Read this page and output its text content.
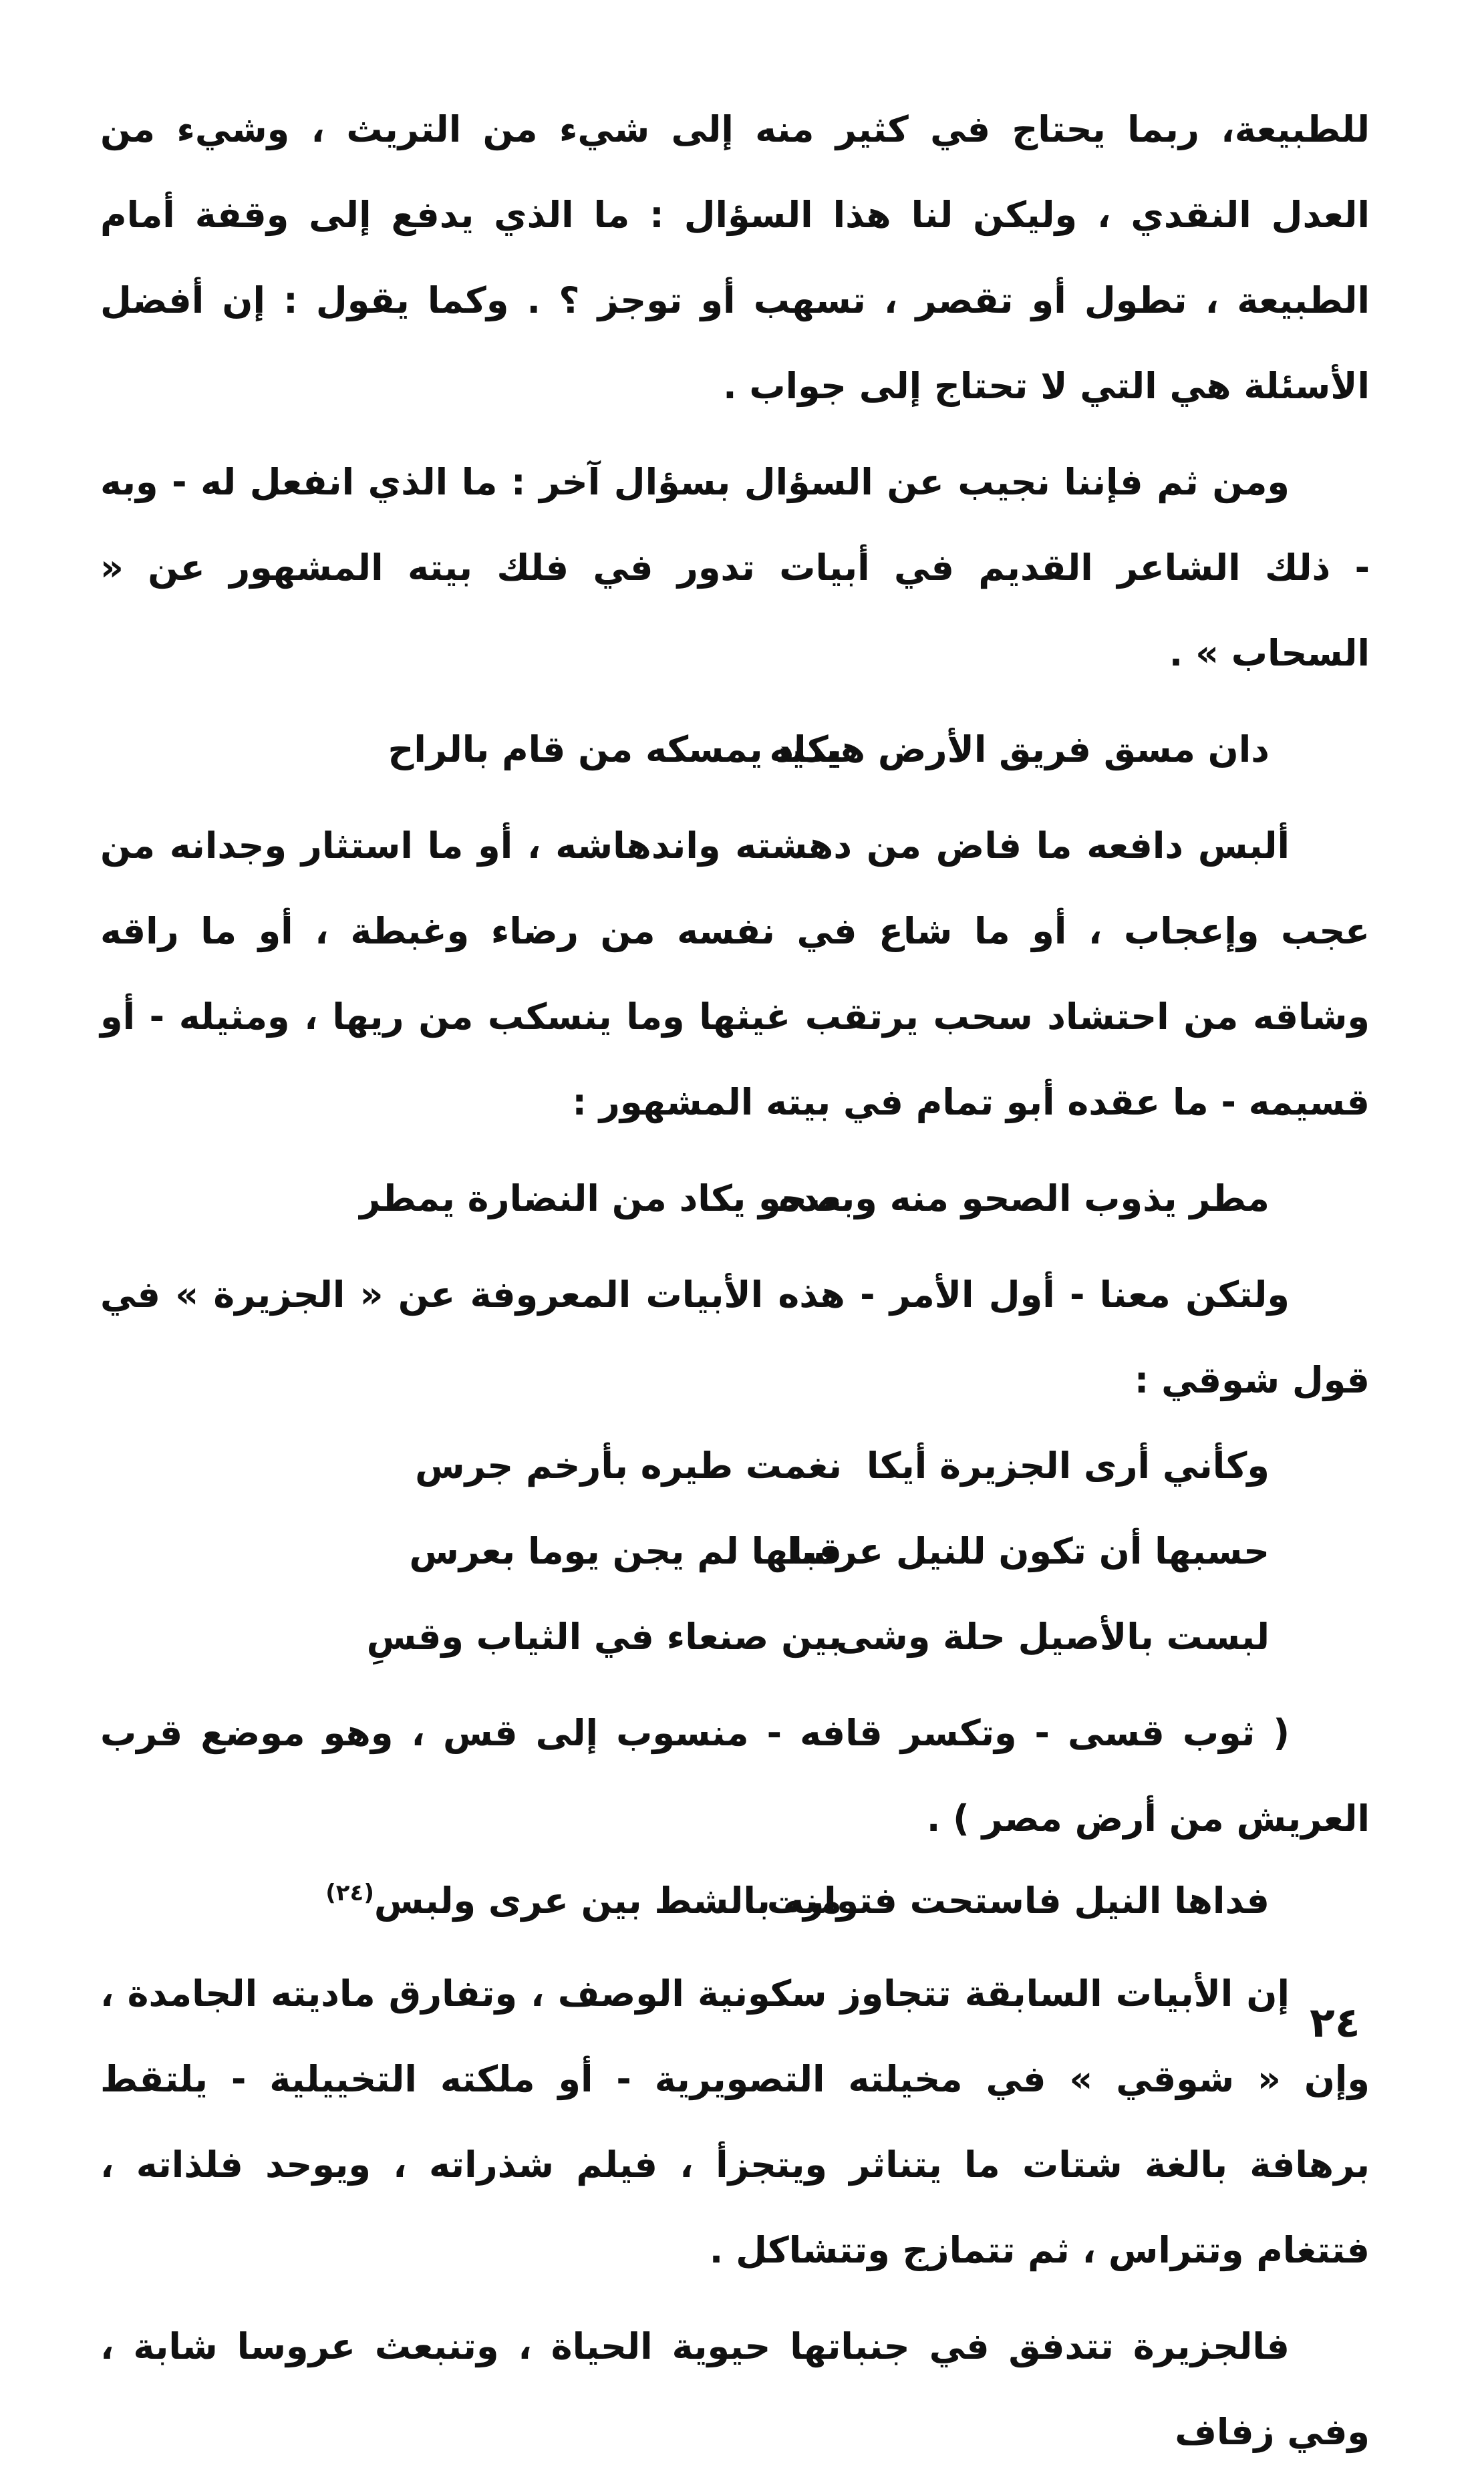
للطبيعة، ربما يحتاج في كثير منه إلى شيء من التريث ، وشيء من العدل النقدي ، وليكن لنا هذا السؤال : ما الذي يدفع إلى وقفة أمام الطبيعة ، تطول أو تقصر ، تسهب أو توجز ؟ . وكما يقول : إن أفضل الأسئلة هي التي لا تحتاج إلى جواب .

ومن ثم فإننا نجيب عن السؤال بسؤال آخر : ما الذي انفعل له - وبه - ذلك الشاعر القديم في أبيات تدور في فلك بيته المشهور عن « السحاب » .

دان مسق فريق الأرض هيديه
يكاد يمسكه من قام بالراح

ألبس دافعه ما فاض من دهشته واندهاشه ، أو ما استثار وجدانه من عجب وإعجاب ، أو ما شاع في نفسه من رضاء وغبطة ، أو ما راقه وشاقه من احتشاد سحب يرتقب غيثها وما ينسكب من ريها ، ومثيله - أو قسيمه - ما عقده أبو تمام في بيته المشهور :

مطر يذوب الصحو منه وبعده
صحو يكاد من النضارة يمطر

ولتكن معنا - أول الأمر - هذه الأبيات المعروفة عن « الجزيرة » في قول شوقي :

وكأني أرى الجزيرة أيكا
نغمت طيره بأرخم جرس
حسبها أن تكون للنيل عرسا
قبلها لم يجن يوما بعرس
لبست بالأصيل حلة وشى
بين صنعاء في الثياب وقسِ

( ثوب قسى - وتكسر قافه - منسوب إلى قس ، وهو موضع قرب العريش من أرض مصر ) .

فداها النيل فاستحت فتوارت
منه بالشط بين عرى ولبس$^{(٢٤)}$

إن الأبيات السابقة تتجاوز سكونية الوصف ، وتفارق ماديته الجامدة ، وإن « شوقي » في مخيلته التصويرية - أو ملكته التخييلية - يلتقط برهافة بالغة شتات ما يتناثر ويتجزأ ، فيلم شذراته ، ويوحد فلذاته ، فتتغام وتتراس ، ثم تتمازج وتتشاكل .

فالجزيرة تتدفق في جنباتها حيوية الحياة ، وتنبعث عروسا شابة ، وفي زفاف

٢٤
